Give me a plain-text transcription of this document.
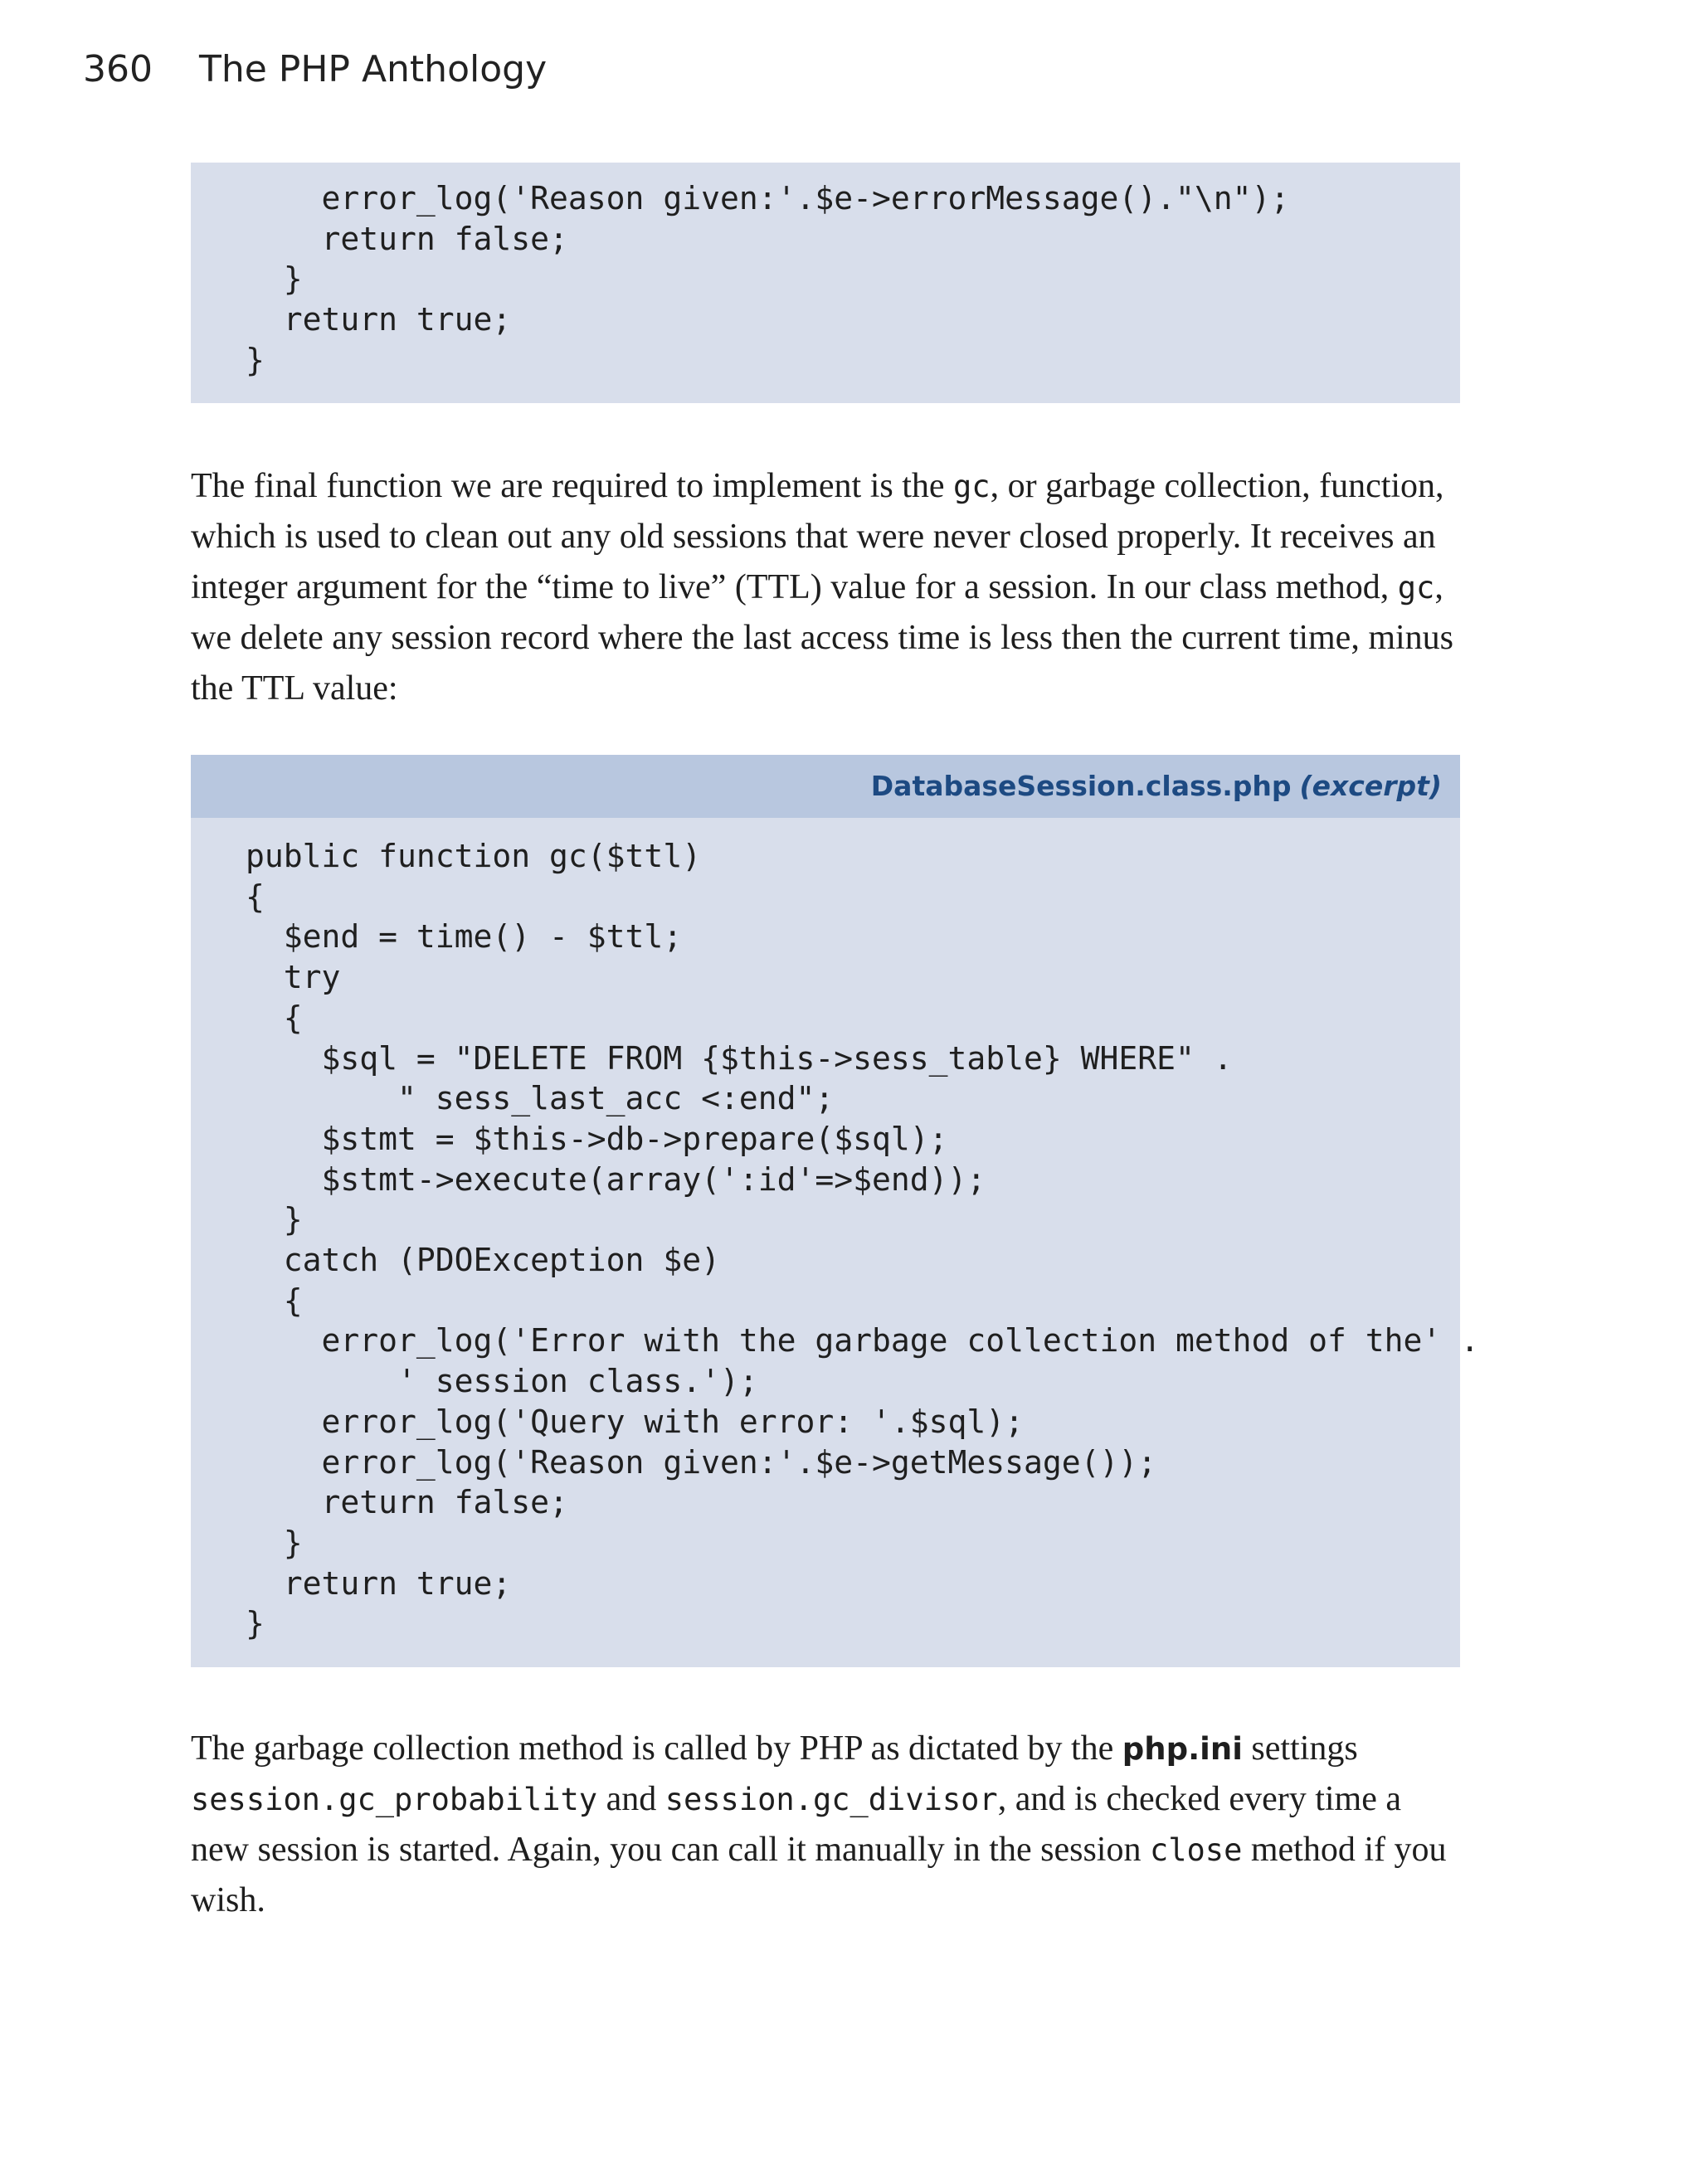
360 The PHP Anthology
error_log('Reason given:'.$e->errorMessage()."\n");
return false;
}
return true;
}

The final function we are required to implement is the gc, or garbage collection, function, which is used to clean out any old sessions that were never closed properly. It receives an integer argument for the “time to live” (TTL) value for a session. In our class method, gc, we delete any session record where the last access time is less then the current time, minus the TTL value:

DatabaseSession.class.php (excerpt)
public function gc($ttl)
{
$end = time() - $ttl;
try
{
$sql = "DELETE FROM {$this->sess_table} WHERE" .
" sess_last_acc <:end";
$stmt = $this->db->prepare($sql);
$stmt->execute(array(':id'=>$end));
}
catch (PDOException $e)
{
error_log('Error with the garbage collection method of the' .
' session class.');
error_log('Query with error: '.$sql);
error_log('Reason given:'.$e->getMessage());
return false;
}
return true;
}

The garbage collection method is called by PHP as dictated by the php.ini settings session.gc_probability and session.gc_divisor, and is checked every time a new session is started. Again, you can call it manually in the session close method if you wish.
